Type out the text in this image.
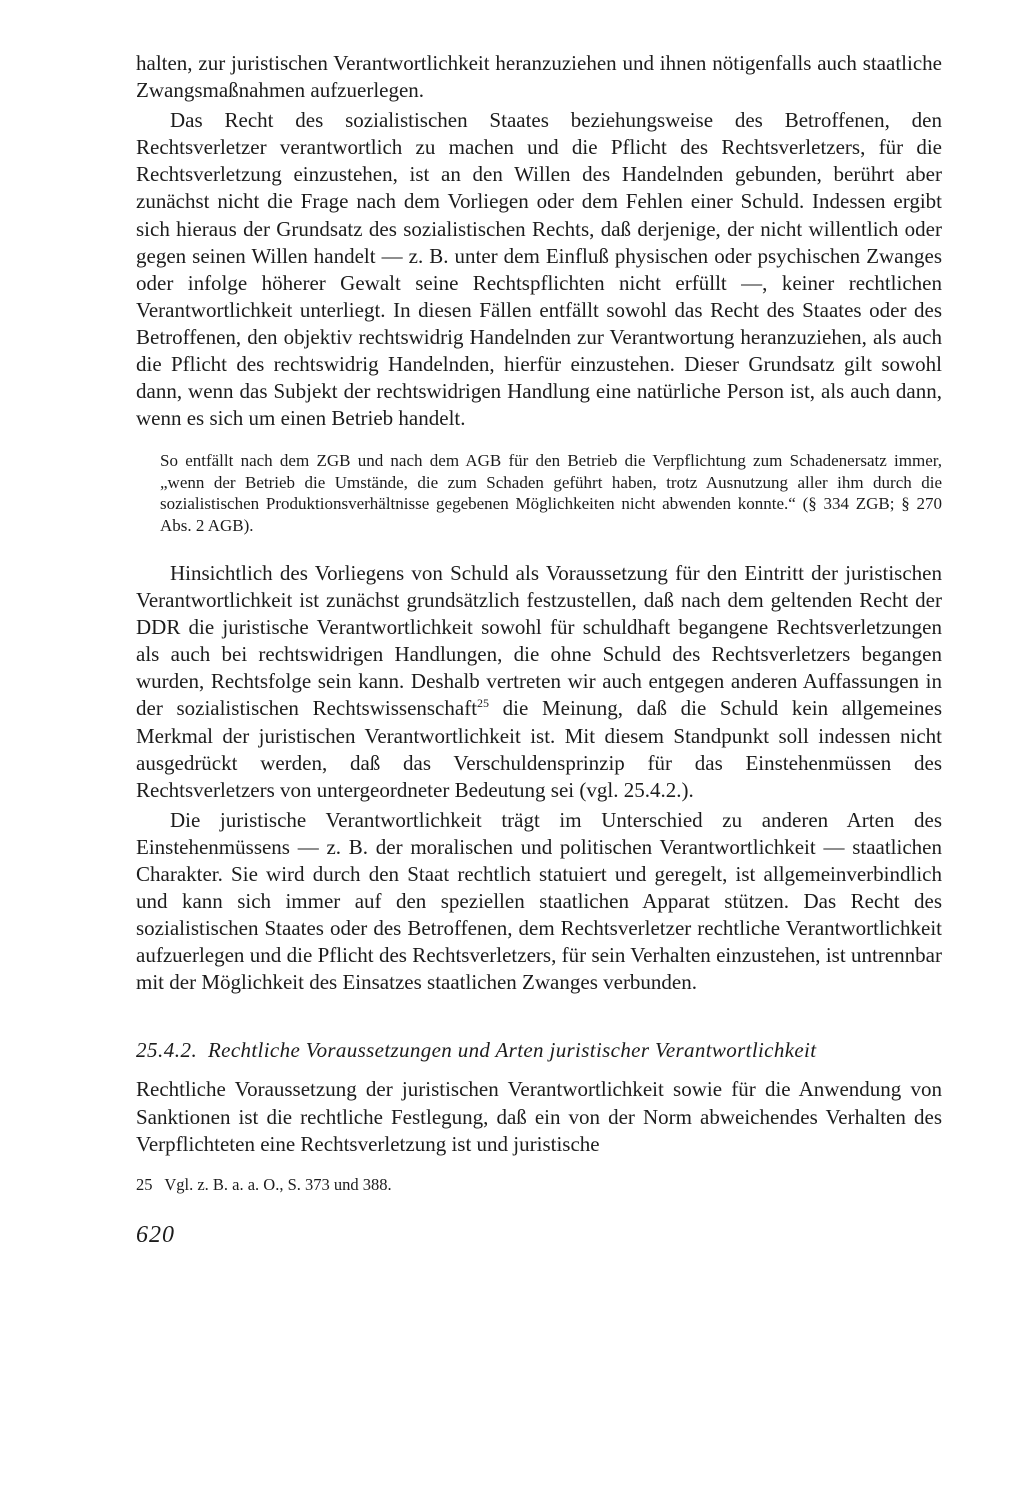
halten, zur juristischen Verantwortlichkeit heranzuziehen und ihnen nötigenfalls auch staatliche Zwangsmaßnahmen aufzuerlegen.

Das Recht des sozialistischen Staates beziehungsweise des Betroffenen, den Rechtsverletzer verantwortlich zu machen und die Pflicht des Rechtsverletzers, für die Rechtsverletzung einzustehen, ist an den Willen des Handelnden gebunden, berührt aber zunächst nicht die Frage nach dem Vorliegen oder dem Fehlen einer Schuld. Indessen ergibt sich hieraus der Grundsatz des sozialistischen Rechts, daß derjenige, der nicht willentlich oder gegen seinen Willen handelt — z. B. unter dem Einfluß physischen oder psychischen Zwanges oder infolge höherer Gewalt seine Rechtspflichten nicht erfüllt —, keiner rechtlichen Verantwortlichkeit unterliegt. In diesen Fällen entfällt sowohl das Recht des Staates oder des Betroffenen, den objektiv rechtswidrig Handelnden zur Verantwortung heranzuziehen, als auch die Pflicht des rechtswidrig Handelnden, hierfür einzustehen. Dieser Grundsatz gilt sowohl dann, wenn das Subjekt der rechtswidrigen Handlung eine natürliche Person ist, als auch dann, wenn es sich um einen Betrieb handelt.

So entfällt nach dem ZGB und nach dem AGB für den Betrieb die Verpflichtung zum Schadenersatz immer, „wenn der Betrieb die Umstände, die zum Schaden geführt haben, trotz Ausnutzung aller ihm durch die sozialistischen Produktionsverhältnisse gegebenen Möglichkeiten nicht abwenden konnte.“ (§ 334 ZGB; § 270 Abs. 2 AGB).

Hinsichtlich des Vorliegens von Schuld als Voraussetzung für den Eintritt der juristischen Verantwortlichkeit ist zunächst grundsätzlich festzustellen, daß nach dem geltenden Recht der DDR die juristische Verantwortlichkeit sowohl für schuldhaft begangene Rechtsverletzungen als auch bei rechtswidrigen Handlungen, die ohne Schuld des Rechtsverletzers begangen wurden, Rechtsfolge sein kann. Deshalb vertreten wir auch entgegen anderen Auffassungen in der sozialistischen Rechtswissenschaft$^{25}$ die Meinung, daß die Schuld kein allgemeines Merkmal der juristischen Verantwortlichkeit ist. Mit diesem Standpunkt soll indessen nicht ausgedrückt werden, daß das Verschuldensprinzip für das Einstehenmüssen des Rechtsverletzers von untergeordneter Bedeutung sei (vgl. 25.4.2.).

Die juristische Verantwortlichkeit trägt im Unterschied zu anderen Arten des Einstehenmüssens — z. B. der moralischen und politischen Verantwortlichkeit — staatlichen Charakter. Sie wird durch den Staat rechtlich statuiert und geregelt, ist allgemeinverbindlich und kann sich immer auf den speziellen staatlichen Apparat stützen. Das Recht des sozialistischen Staates oder des Betroffenen, dem Rechtsverletzer rechtliche Verantwortlichkeit aufzuerlegen und die Pflicht des Rechtsverletzers, für sein Verhalten einzustehen, ist untrennbar mit der Möglichkeit des Einsatzes staatlichen Zwanges verbunden.

25.4.2. Rechtliche Voraussetzungen und Arten juristischer Verantwortlichkeit

Rechtliche Voraussetzung der juristischen Verantwortlichkeit sowie für die Anwendung von Sanktionen ist die rechtliche Festlegung, daß ein von der Norm abweichendes Verhalten des Verpflichteten eine Rechtsverletzung ist und juristische

25 Vgl. z. B. a. a. O., S. 373 und 388.
620
